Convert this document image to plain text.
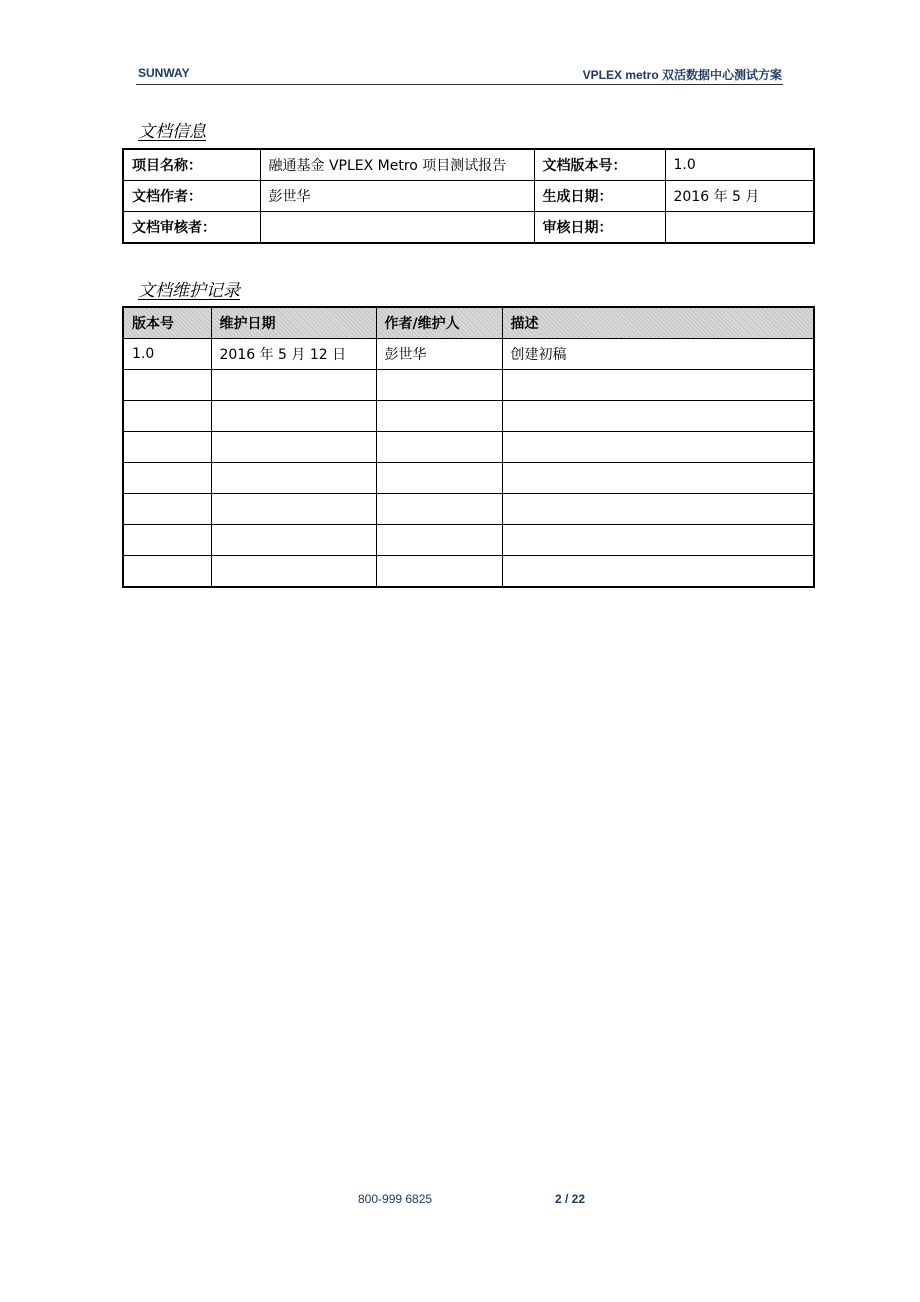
SUNWAY	VPLEX metro 双活数据中心测试方案
文档信息
项目名称：	融通基金 VPLEX Metro 项目测试报告	文档版本号：	1.0
文档作者：	彭世华	生成日期：	2016 年 5 月
文档审核者：		审核日期：	
文档维护记录
版本号	维护日期	作者/维护人	描述
1.0	2016 年 5 月 12 日	彭世华	创建初稿

800-999 6825	2 / 22
